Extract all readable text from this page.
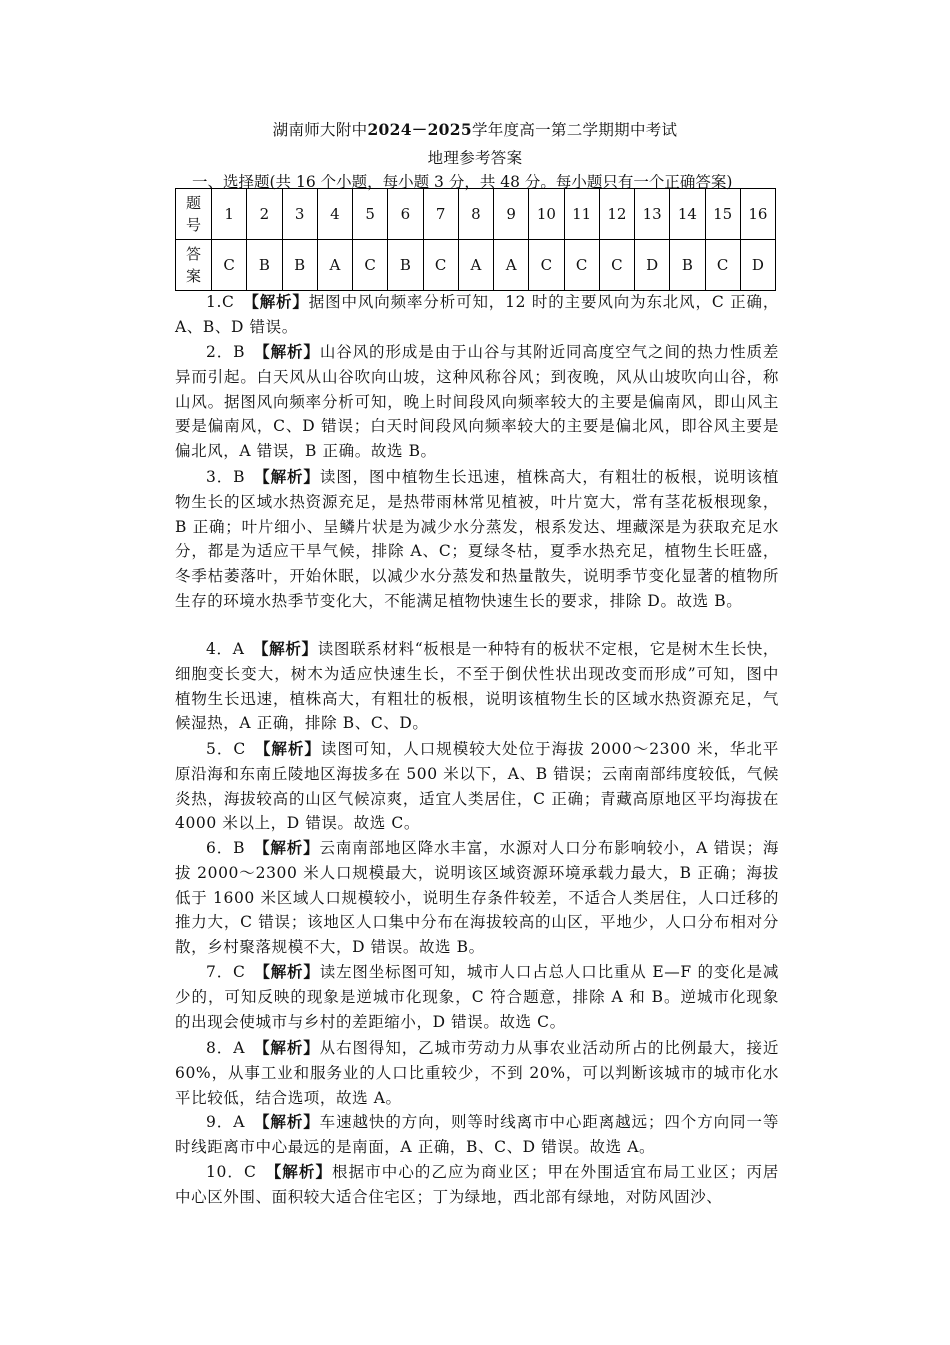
湖南师大附中2024－2025学年度高一第二学期期中考试
地理参考答案
一、选择题(共 16 个小题，每小题 3 分，共 48 分。每小题只有一个正确答案)
题号	1	2	3	4	5	6	7	8	9	10	11	12	13	14	15	16
答案	C	B	B	A	C	B	C	A	A	C	C	C	D	B	C	D
1.C　【解析】据图中风向频率分析可知，12 时的主要风向为东北风，C 正确，A、B、D 错误。
2．B　【解析】山谷风的形成是由于山谷与其附近同高度空气之间的热力性质差异而引起。白天风从山谷吹向山坡，这种风称谷风；到夜晚，风从山坡吹向山谷，称山风。据图风向频率分析可知，晚上时间段风向频率较大的主要是偏南风，即山风主要是偏南风，C、D 错误；白天时间段风向频率较大的主要是偏北风，即谷风主要是偏北风，A 错误，B 正确。故选 B。
3．B　【解析】读图，图中植物生长迅速，植株高大，有粗壮的板根，说明该植物生长的区域水热资源充足，是热带雨林常见植被，叶片宽大，常有茎花板根现象，B 正确；叶片细小、呈鳞片状是为减少水分蒸发，根系发达、埋藏深是为获取充足水分，都是为适应干旱气候，排除 A、C；夏绿冬枯，夏季水热充足，植物生长旺盛，冬季枯萎落叶，开始休眠，以减少水分蒸发和热量散失，说明季节变化显著的植物所生存的环境水热季节变化大，不能满足植物快速生长的要求，排除 D。故选 B。
4．A　【解析】读图联系材料“板根是一种特有的板状不定根，它是树木生长快，细胞变长变大，树木为适应快速生长，不至于倒伏性状出现改变而形成”可知，图中植物生长迅速，植株高大，有粗壮的板根，说明该植物生长的区域水热资源充足，气候湿热，A 正确，排除 B、C、D。
5．C　【解析】读图可知，人口规模较大处位于海拔 2000～2300 米，华北平原沿海和东南丘陵地区海拔多在 500 米以下，A、B 错误；云南南部纬度较低，气候炎热，海拔较高的山区气候凉爽，适宜人类居住，C 正确；青藏高原地区平均海拔在 4000 米以上，D 错误。故选 C。
6．B　【解析】云南南部地区降水丰富，水源对人口分布影响较小，A 错误；海拔 2000～2300 米人口规模最大，说明该区域资源环境承载力最大，B 正确；海拔低于 1600 米区域人口规模较小，说明生存条件较差，不适合人类居住，人口迁移的推力大，C 错误；该地区人口集中分布在海拔较高的山区，平地少，人口分布相对分散，乡村聚落规模不大，D 错误。故选 B。
7．C　【解析】读左图坐标图可知，城市人口占总人口比重从 E—F 的变化是减少的，可知反映的现象是逆城市化现象，C 符合题意，排除 A 和 B。逆城市化现象的出现会使城市与乡村的差距缩小，D 错误。故选 C。
8．A　【解析】从右图得知，乙城市劳动力从事农业活动所占的比例最大，接近 60%，从事工业和服务业的人口比重较少，不到 20%，可以判断该城市的城市化水平比较低，结合选项，故选 A。
9．A　【解析】车速越快的方向，则等时线离市中心距离越远；四个方向同一等时线距离市中心最远的是南面，A 正确，B、C、D 错误。故选 A。
10．C　【解析】根据市中心的乙应为商业区；甲在外围适宜布局工业区；丙居中心区外围、面积较大适合住宅区；丁为绿地，西北部有绿地，对防风固沙、
